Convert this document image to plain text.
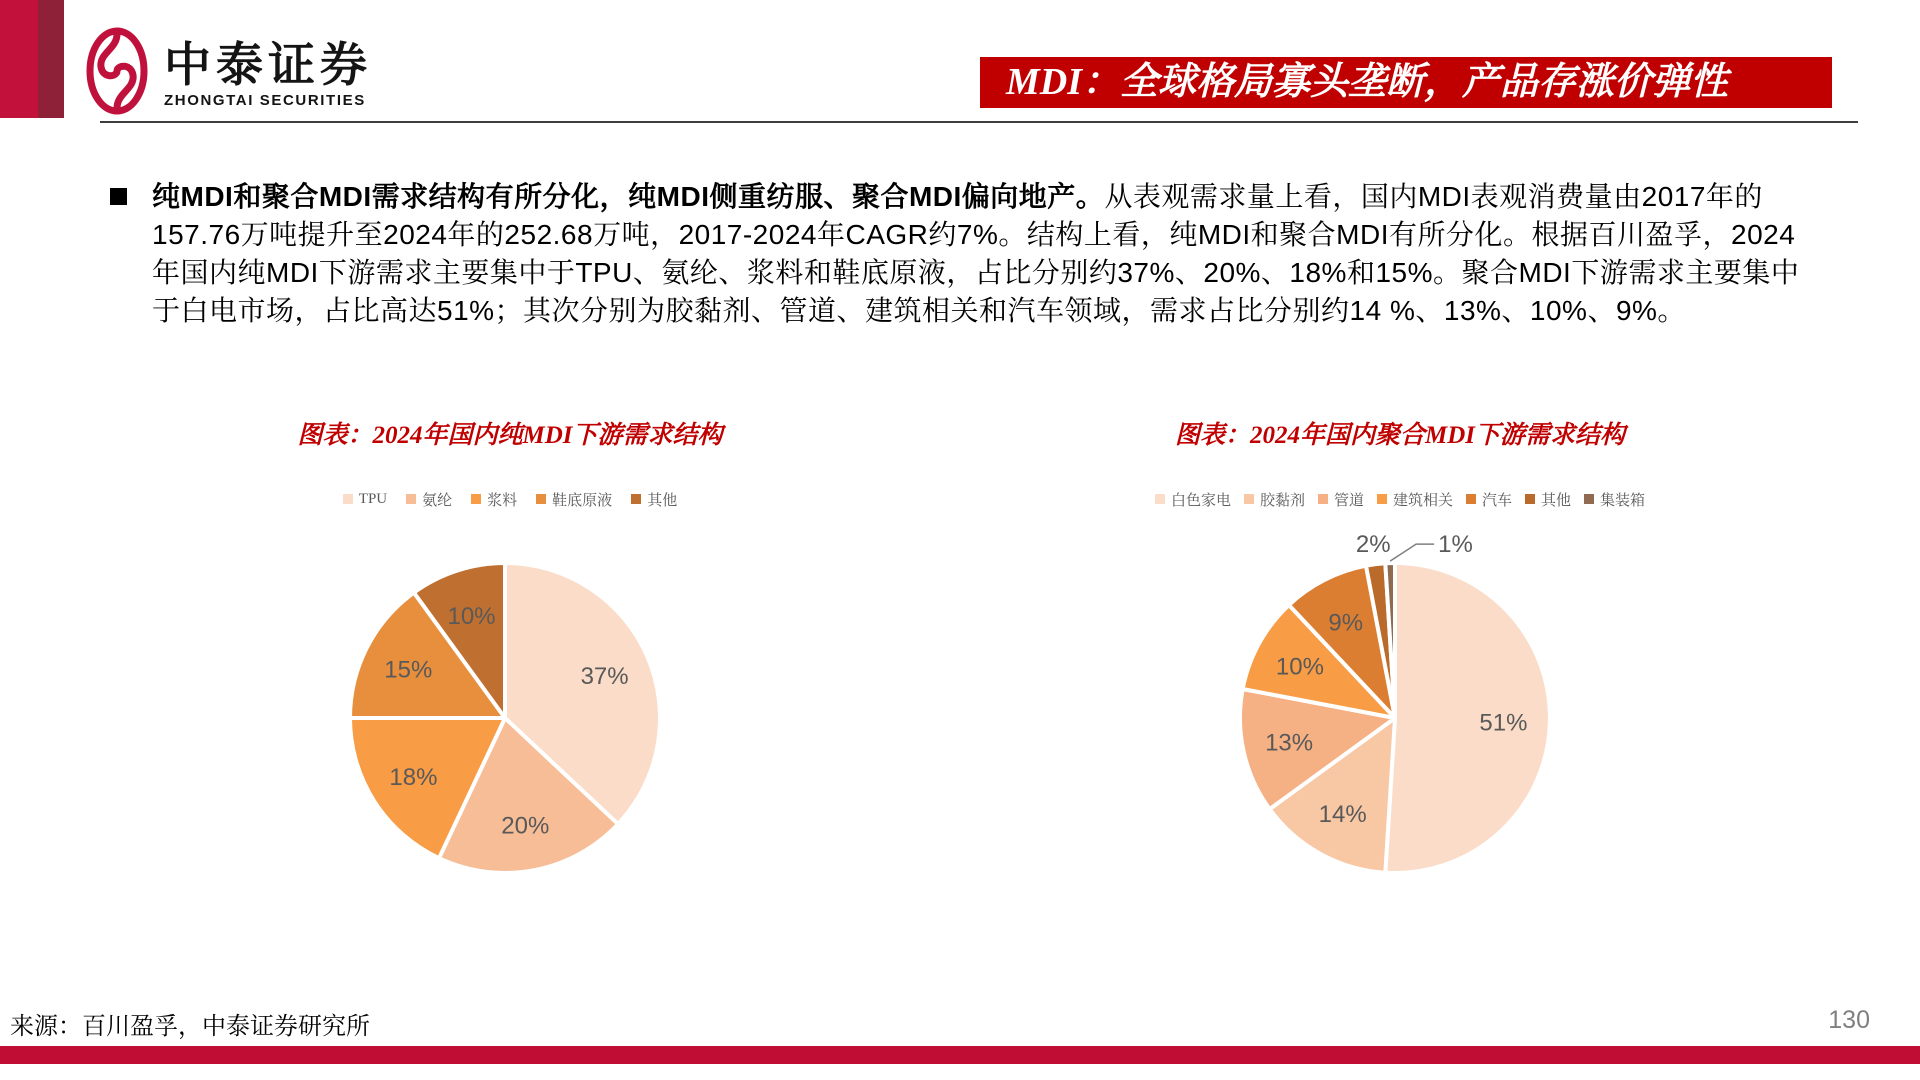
中泰证券
ZHONGTAI SECURITIES	MDI：全球格局寡头垄断，产品存涨价弹性
纯MDI和聚合MDI需求结构有所分化，纯MDI侧重纺服、聚合MDI偏向地产。从表观需求量上看，国内MDI表观消费量由2017年的
157.76万吨提升至2024年的252.68万吨，2017-2024年CAGR约7%。结构上看，纯MDI和聚合MDI有所分化。根据百川盈孚，2024
年国内纯MDI下游需求主要集中于TPU、氨纶、浆料和鞋底原液，占比分别约37%、20%、18%和15%。聚合MDI下游需求主要集中
于白电市场，占比高达51%；其次分别为胶黏剂、管道、建筑相关和汽车领域，需求占比分别约14 %、13%、10%、9%。
图表：2024年国内纯MDI下游需求结构
TPU 氨纶 浆料 鞋底原液 其他
37%
20%
18%
15%
10%
图表：2024年国内聚合MDI下游需求结构
白色家电 胶黏剂 管道 建筑相关 汽车 其他 集装箱
51%
14%
13%
10%
9%
2% 1%
来源：百川盈孚，中泰证券研究所	130
